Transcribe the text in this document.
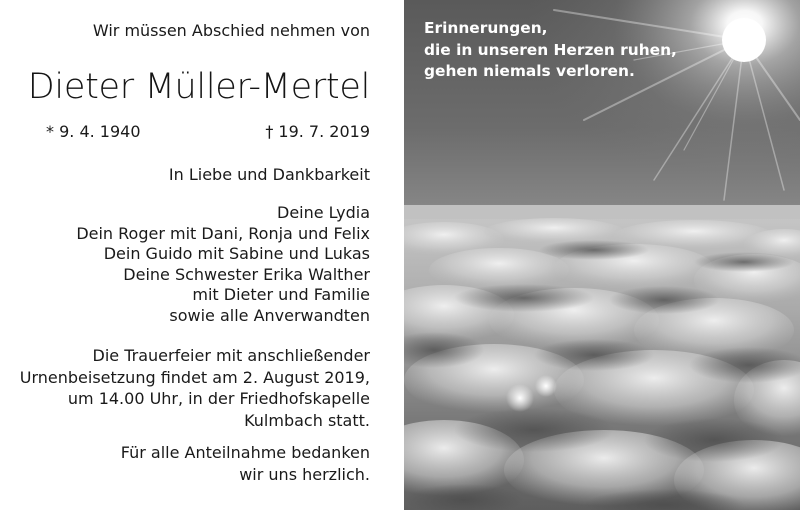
Wir müssen Abschied nehmen von
Dieter Müller-Mertel
* 9. 4. 1940	† 19. 7. 2019
In Liebe und Dankbarkeit
Deine Lydia
Dein Roger mit Dani, Ronja und Felix
Dein Guido mit Sabine und Lukas
Deine Schwester Erika Walther
mit Dieter und Familie
sowie alle Anverwandten
Die Trauerfeier mit anschließender
Urnenbeisetzung findet am 2. August 2019,
um 14.00 Uhr, in der Friedhofskapelle
Kulmbach statt.
Für alle Anteilnahme bedanken
wir uns herzlich.
Erinnerungen,
die in unseren Herzen ruhen,
gehen niemals verloren.
